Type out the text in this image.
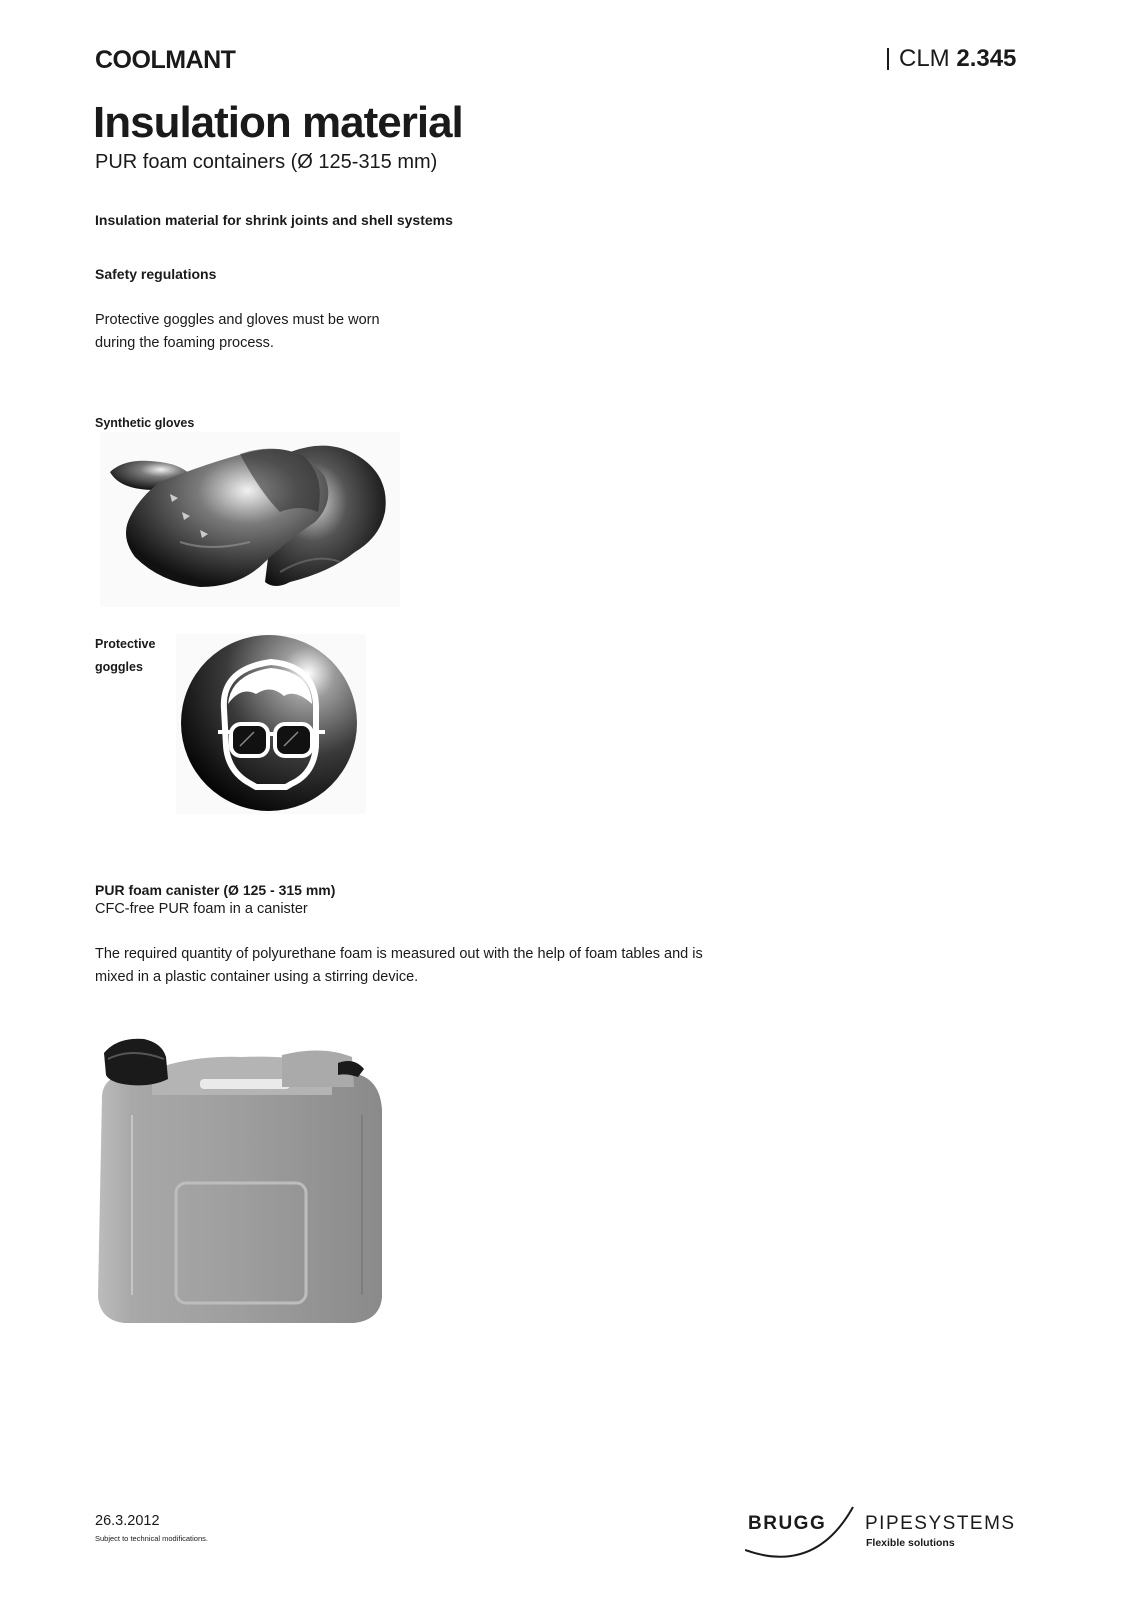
COOLMANT	CLM 2.345
Insulation material
PUR foam containers (Ø 125-315 mm)
Insulation material for shrink joints and shell systems
Safety regulations
Protective goggles and gloves must be worn
during the foaming process.
Synthetic gloves
Protective
goggles
PUR foam canister (Ø 125 - 315 mm)
CFC-free PUR foam in a canister
The required quantity of polyurethane foam is measured out with the help of foam tables and is
mixed in a plastic container using a stirring device.
26.3.2012
Subject to technical modifications.
BRUGG PIPESYSTEMS
Flexible solutions
